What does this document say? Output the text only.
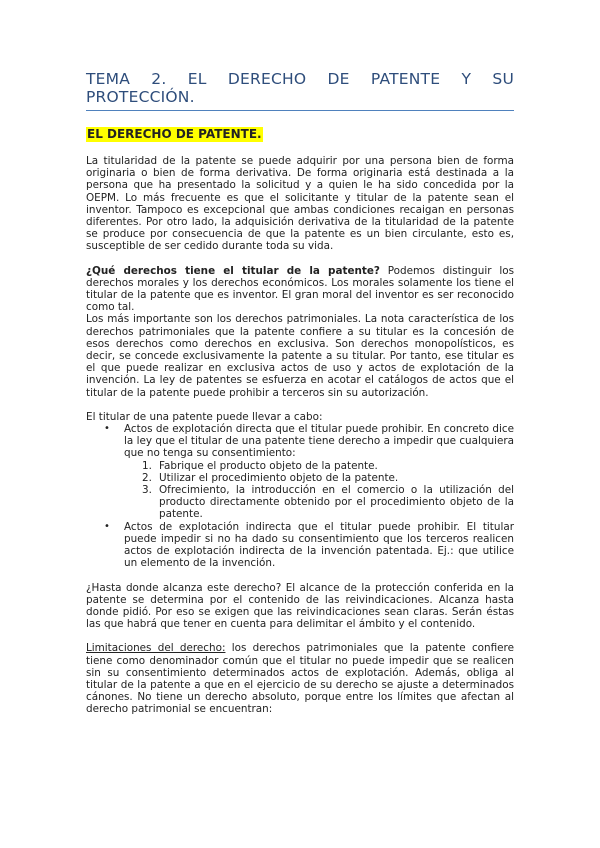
TEMA 2. EL DERECHO DE PATENTE Y SU PROTECCIÓN.
EL DERECHO DE PATENTE.

La titularidad de la patente se puede adquirir por una persona bien de forma originaria o bien de forma derivativa. De forma originaria está destinada a la persona que ha presentado la solicitud y a quien le ha sido concedida por la OEPM. Lo más frecuente es que el solicitante y titular de la patente sean el inventor. Tampoco es excepcional que ambas condiciones recaigan en personas diferentes. Por otro lado, la adquisición derivativa de la titularidad de la patente se produce por consecuencia de que la patente es un bien circulante, esto es, susceptible de ser cedido durante toda su vida.

¿Qué derechos tiene el titular de la patente? Podemos distinguir los derechos morales y los derechos económicos. Los morales solamente los tiene el titular de la patente que es inventor. El gran moral del inventor es ser reconocido como tal.

Los más importante son los derechos patrimoniales. La nota característica de los derechos patrimoniales que la patente confiere a su titular es la concesión de esos derechos como derechos en exclusiva. Son derechos monopolísticos, es decir, se concede exclusivamente la patente a su titular. Por tanto, ese titular es el que puede realizar en exclusiva actos de uso y actos de explotación de la invención. La ley de patentes se esfuerza en acotar el catálogos de actos que el titular de la patente puede prohibir a terceros sin su autorización.

El titular de una patente puede llevar a cabo:

• Actos de explotación directa que el titular puede prohibir. En concreto dice la ley que el titular de una patente tiene derecho a impedir que cualquiera que no tenga su consentimiento:
1. Fabrique el producto objeto de la patente.
2. Utilizar el procedimiento objeto de la patente.
3. Ofrecimiento, la introducción en el comercio o la utilización del producto directamente obtenido por el procedimiento objeto de la patente.
• Actos de explotación indirecta que el titular puede prohibir. El titular puede impedir si no ha dado su consentimiento que los terceros realicen actos de explotación indirecta de la invención patentada. Ej.: que utilice un elemento de la invención.

¿Hasta donde alcanza este derecho? El alcance de la protección conferida en la patente se determina por el contenido de las reivindicaciones. Alcanza hasta donde pidió. Por eso se exigen que las reivindicaciones sean claras. Serán éstas las que habrá que tener en cuenta para delimitar el ámbito y el contenido.

Limitaciones del derecho: los derechos patrimoniales que la patente confiere tiene como denominador común que el titular no puede impedir que se realicen sin su consentimiento determinados actos de explotación. Además, obliga al titular de la patente a que en el ejercicio de su derecho se ajuste a determinados cánones. No tiene un derecho absoluto, porque entre los límites que afectan al derecho patrimonial se encuentran:
